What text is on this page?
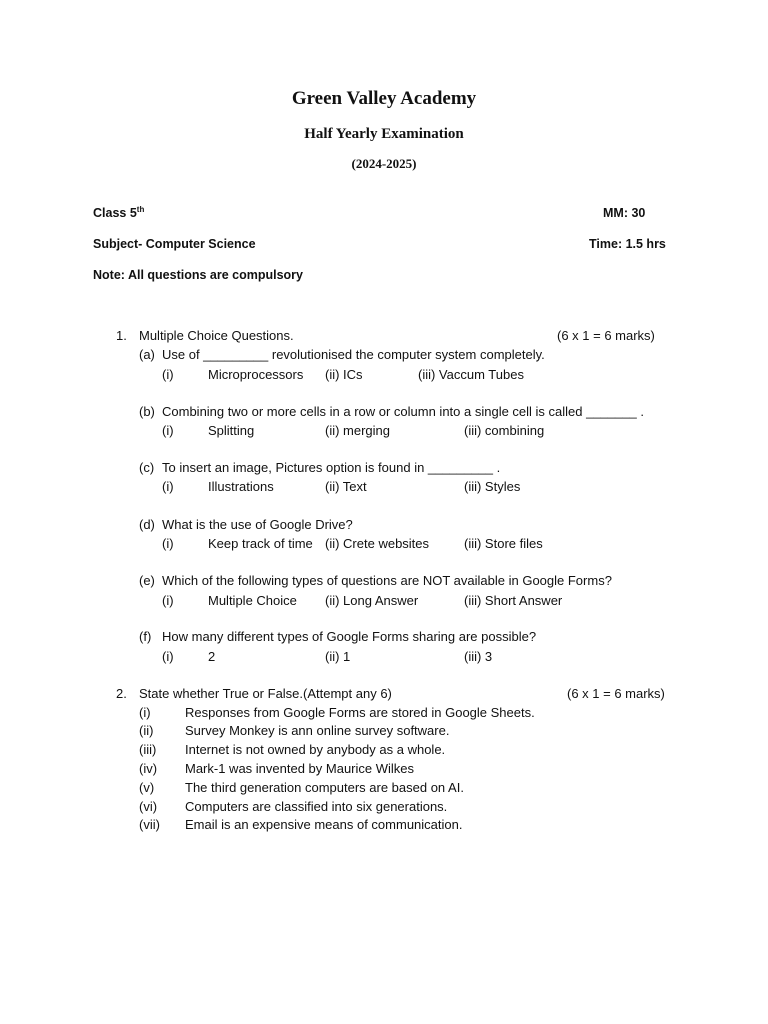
Green Valley Academy
Half Yearly Examination
(2024-2025)
Class 5th	MM: 30
Subject- Computer Science	Time: 1.5 hrs
Note: All questions are compulsory
1. Multiple Choice Questions.	(6 x 1 = 6 marks)
(a) Use of _________ revolutionised the computer system completely.
(i)	Microprocessors (ii) ICs	(iii) Vaccum Tubes
(b) Combining two or more cells in a row or column into a single cell is called _______ .
(i)	Splitting	(ii) merging	(iii) combining
(c) To insert an image, Pictures option is found in _________ .
(i)	Illustrations	(ii) Text	(iii) Styles
(d) What is the use of Google Drive?
(i)	Keep track of time (ii) Crete websites	(iii) Store files
(e) Which of the following types of questions are NOT available in Google Forms?
(i)	Multiple Choice (ii) Long Answer	(iii) Short Answer
(f) How many different types of Google Forms sharing are possible?
(i)	2	(ii) 1	(iii) 3
2. State whether True or False.(Attempt any 6)	(6 x 1 = 6 marks)
(i)	Responses from Google Forms are stored in Google Sheets.
(ii) Survey Monkey is ann online survey software.
(iii) Internet is not owned by anybody as a whole.
(iv) Mark-1 was invented by Maurice Wilkes
(v) The third generation computers are based on AI.
(vi) Computers are classified into six generations.
(vii) Email is an expensive means of communication.
